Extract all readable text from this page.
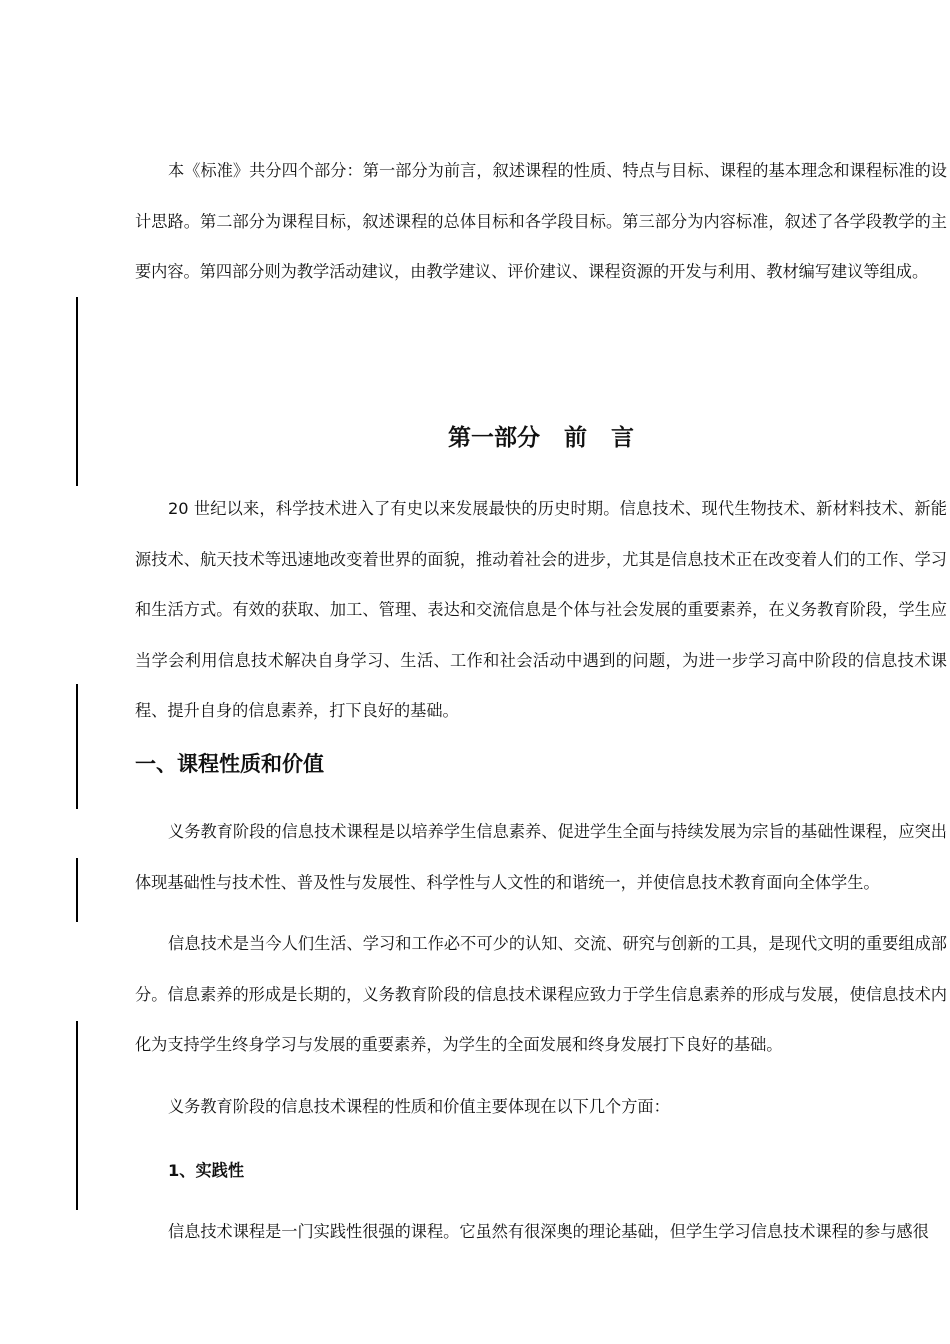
本《标准》共分四个部分：第一部分为前言，叙述课程的性质、特点与目标、课程的基本理念和课程标准的设计思路。第二部分为课程目标，叙述课程的总体目标和各学段目标。第三部分为内容标准，叙述了各学段教学的主要内容。第四部分则为教学活动建议，由教学建议、评价建议、课程资源的开发与利用、教材编写建议等组成。

第一部分   前   言

20 世纪以来，科学技术进入了有史以来发展最快的历史时期。信息技术、现代生物技术、新材料技术、新能源技术、航天技术等迅速地改变着世界的面貌，推动着社会的进步，尤其是信息技术正在改变着人们的工作、学习和生活方式。有效的获取、加工、管理、表达和交流信息是个体与社会发展的重要素养，在义务教育阶段，学生应当学会利用信息技术解决自身学习、生活、工作和社会活动中遇到的问题，为进一步学习高中阶段的信息技术课程、提升自身的信息素养，打下良好的基础。

一、课程性质和价值

义务教育阶段的信息技术课程是以培养学生信息素养、促进学生全面与持续发展为宗旨的基础性课程，应突出体现基础性与技术性、普及性与发展性、科学性与人文性的和谐统一，并使信息技术教育面向全体学生。

信息技术是当今人们生活、学习和工作必不可少的认知、交流、研究与创新的工具，是现代文明的重要组成部分。信息素养的形成是长期的，义务教育阶段的信息技术课程应致力于学生信息素养的形成与发展，使信息技术内化为支持学生终身学习与发展的重要素养，为学生的全面发展和终身发展打下良好的基础。

义务教育阶段的信息技术课程的性质和价值主要体现在以下几个方面：

1、实践性

信息技术课程是一门实践性很强的课程。它虽然有很深奥的理论基础，但学生学习信息技术课程的参与感很
